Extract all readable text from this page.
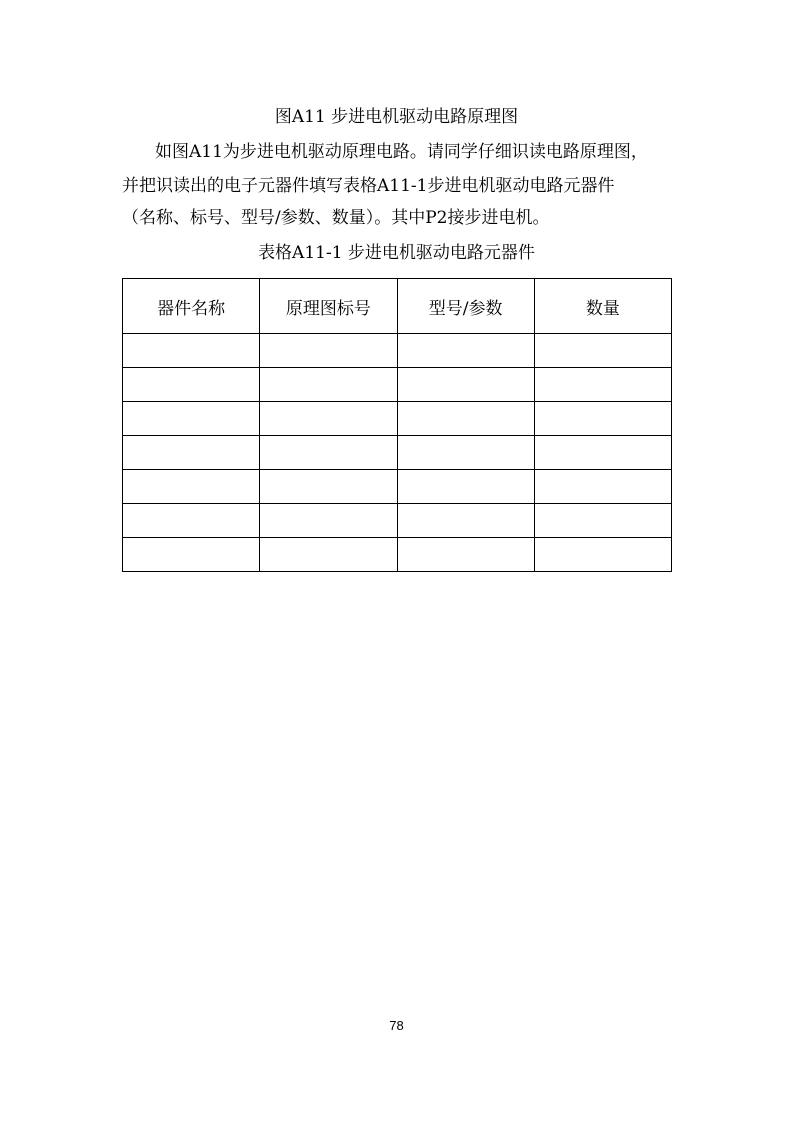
图A11 步进电机驱动电路原理图
如图A11为步进电机驱动原理电路。请同学仔细识读电路原理图，
并把识读出的电子元器件填写表格A11-1步进电机驱动电路元器件
（名称、标号、型号/参数、数量）。其中P2接步进电机。
表格A11-1 步进电机驱动电路元器件
器件名称	原理图标号	型号/参数	数量

78
